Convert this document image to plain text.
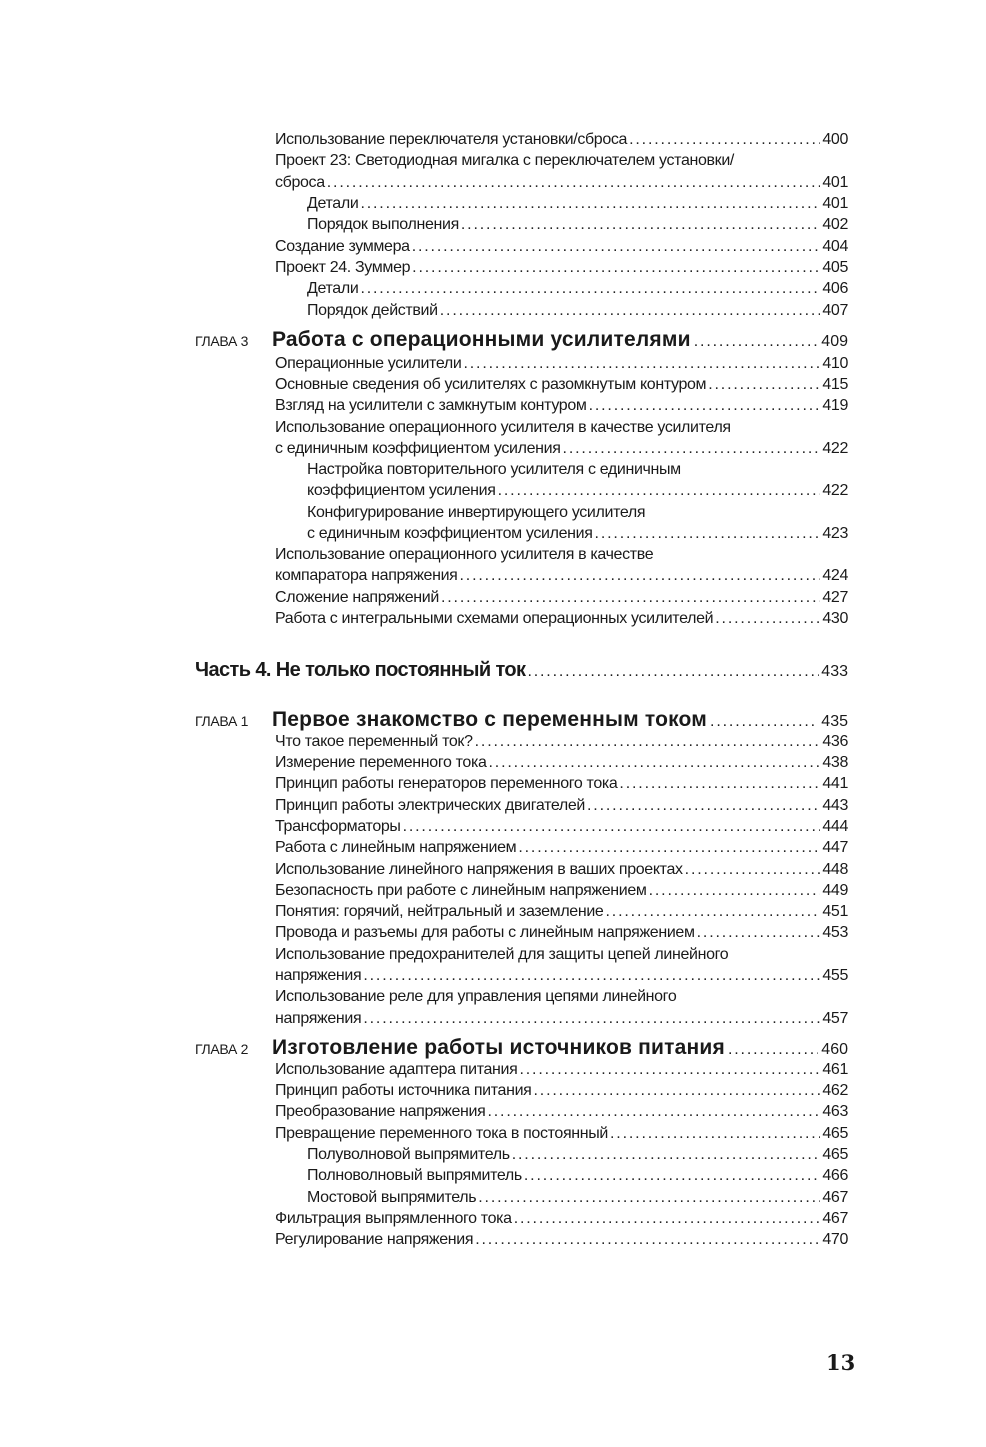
Использование переключателя установки/сброса . . .	400
Проект 23: Светодиодная мигалка с переключателем установки/
сброса . . .	401
Детали . . .	401
Порядок выполнения . . .	402
Создание зуммера . . .	404
Проект 24. Зуммер . . .	405
Детали . . .	406
Порядок действий . . .	407
ГЛАВА 3	Работа с операционными усилителями . . .	409
Операционные усилители . . .	410
Основные сведения об усилителях с разомкнутым контуром . . .	415
Взгляд на усилители с замкнутым контуром . . .	419
Использование операционного усилителя в качестве усилителя
с единичным коэффициентом усиления . . .	422
Настройка повторительного усилителя с единичным
коэффициентом усиления . . .	422
Конфигурирование инвертирующего усилителя
с единичным коэффициентом усиления . . .	423
Использование операционного усилителя в качестве
компаратора напряжения . . .	424
Сложение напряжений . . .	427
Работа с интегральными схемами операционных усилителей . . .	430
Часть 4. Не только постоянный ток . . .	433
ГЛАВА 1	Первое знакомство с переменным током . . .	435
Что такое переменный ток? . . .	436
Измерение переменного тока . . .	438
Принцип работы генераторов переменного тока . . .	441
Принцип работы электрических двигателей . . .	443
Трансформаторы . . .	444
Работа с линейным напряжением . . .	447
Использование линейного напряжения в ваших проектах . . .	448
Безопасность при работе с линейным напряжением . . .	449
Понятия: горячий, нейтральный и заземление . . .	451
Провода и разъемы для работы с линейным напряжением . . .	453
Использование предохранителей для защиты цепей линейного
напряжения . . .	455
Использование реле для управления цепями линейного
напряжения . . .	457
ГЛАВА 2	Изготовление работы источников питания . . .	460
Использование адаптера питания . . .	461
Принцип работы источника питания . . .	462
Преобразование напряжения . . .	463
Превращение переменного тока в постоянный . . .	465
Полуволновой выпрямитель . . .	465
Полноволновый выпрямитель . . .	466
Мостовой выпрямитель . . .	467
Фильтрация выпрямленного тока . . .	467
Регулирование напряжения . . .	470
13
